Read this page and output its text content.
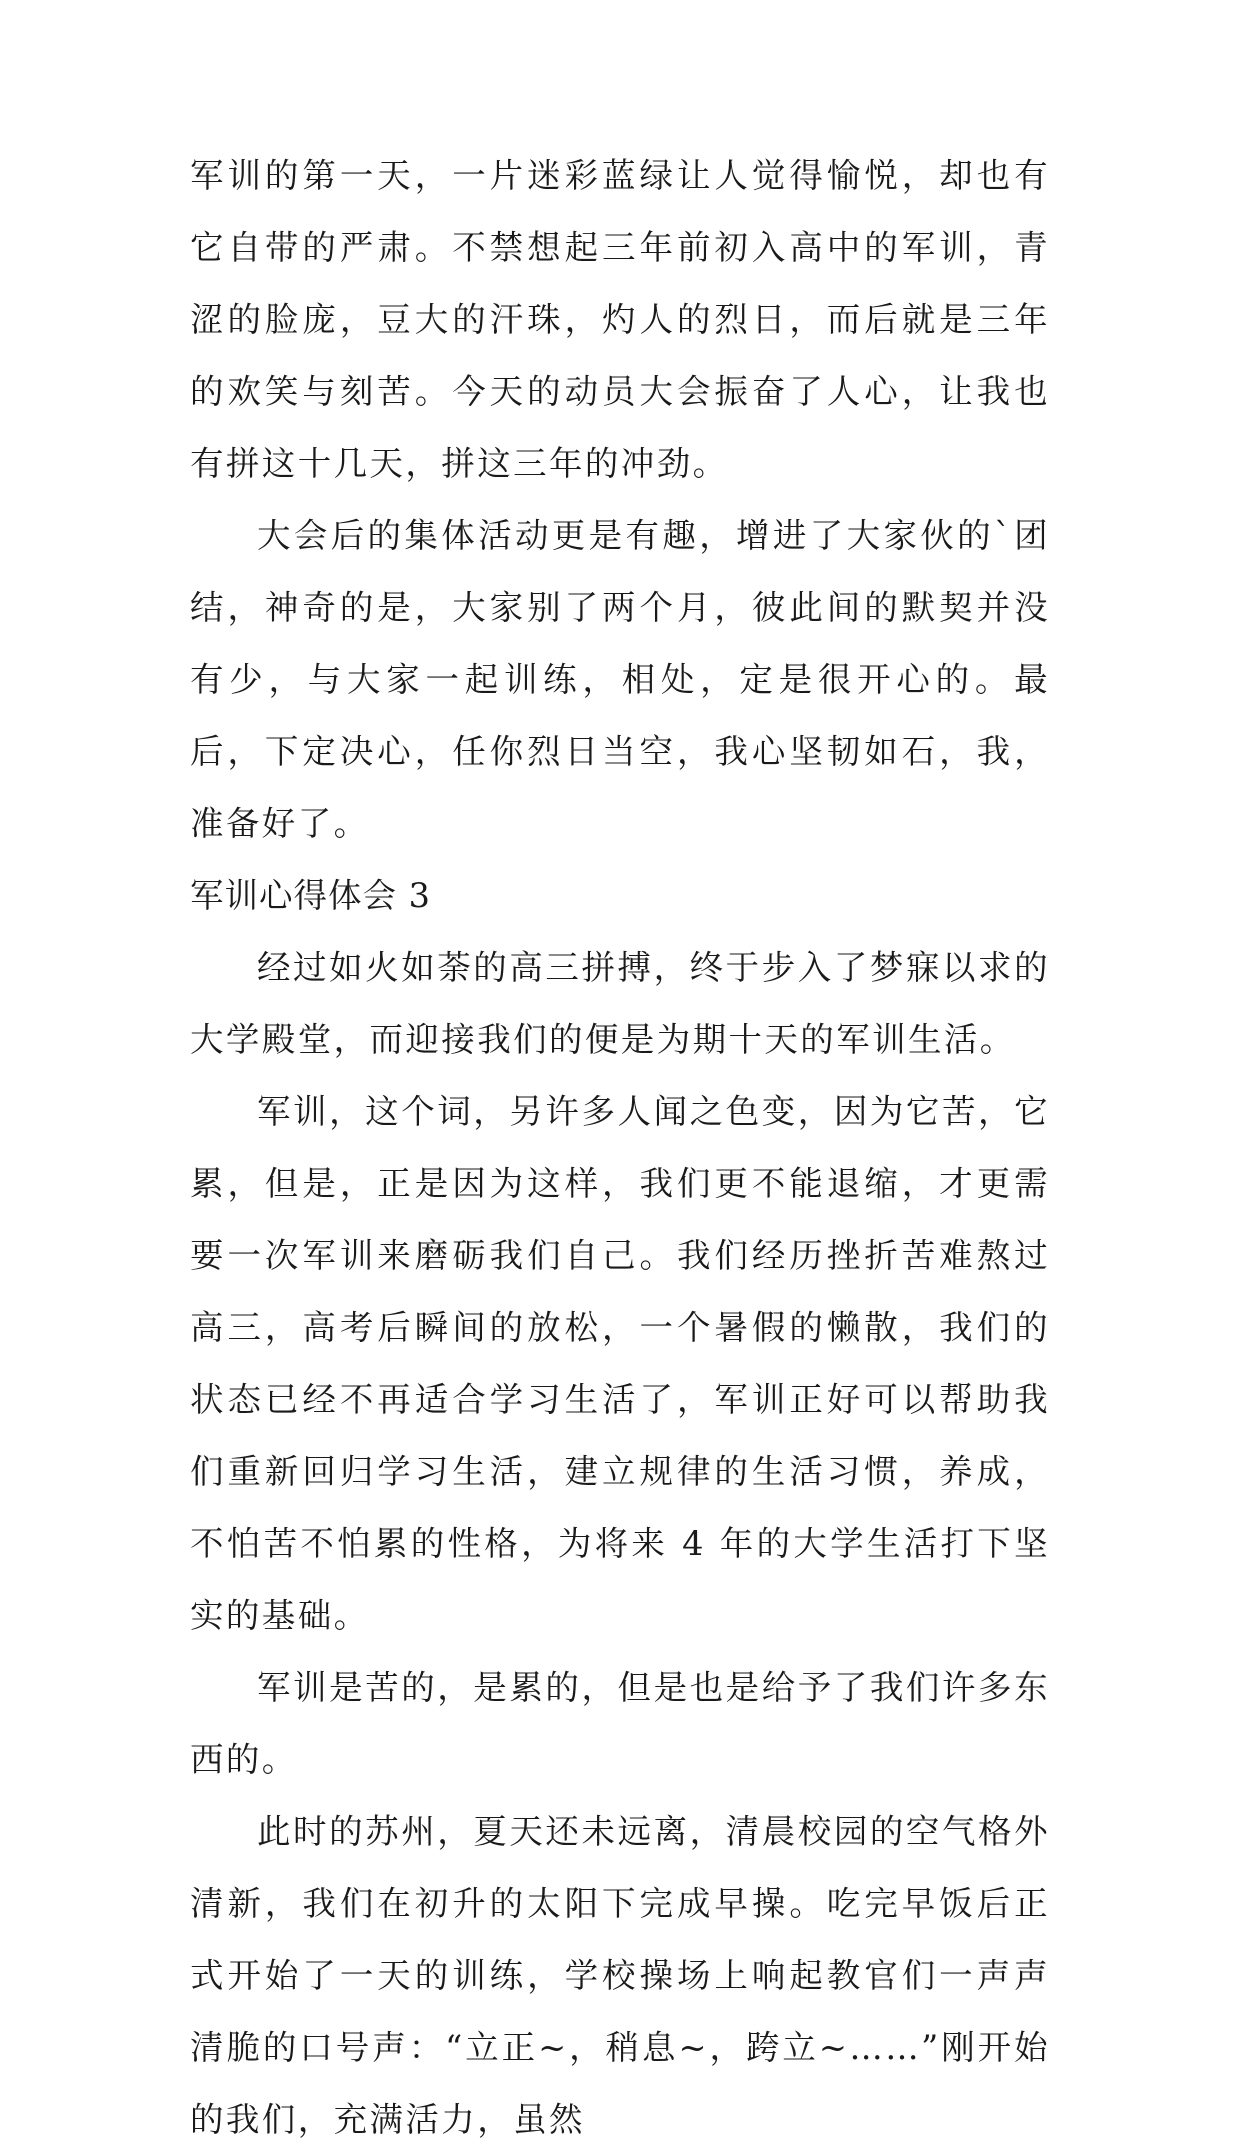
军训的第一天，一片迷彩蓝绿让人觉得愉悦，却也有它自带的严肃。不禁想起三年前初入高中的军训，青涩的脸庞，豆大的汗珠，灼人的烈日，而后就是三年的欢笑与刻苦。今天的动员大会振奋了人心，让我也有拼这十几天，拼这三年的冲劲。

大会后的集体活动更是有趣，增进了大家伙的`团结，神奇的是，大家别了两个月，彼此间的默契并没有少，与大家一起训练，相处，定是很开心的。最后，下定决心，任你烈日当空，我心坚韧如石，我，准备好了。

军训心得体会 3

经过如火如荼的高三拼搏，终于步入了梦寐以求的大学殿堂，而迎接我们的便是为期十天的军训生活。

军训，这个词，另许多人闻之色变，因为它苦，它累，但是，正是因为这样，我们更不能退缩，才更需要一次军训来磨砺我们自己。我们经历挫折苦难熬过高三，高考后瞬间的放松，一个暑假的懒散，我们的状态已经不再适合学习生活了，军训正好可以帮助我们重新回归学习生活，建立规律的生活习惯，养成，不怕苦不怕累的性格，为将来 4 年的大学生活打下坚实的基础。

军训是苦的，是累的，但是也是给予了我们许多东西的。

此时的苏州，夏天还未远离，清晨校园的空气格外清新，我们在初升的太阳下完成早操。吃完早饭后正式开始了一天的训练，学校操场上响起教官们一声声清脆的口号声：“立正~，稍息~，跨立~……”刚开始的我们，充满活力，虽然
